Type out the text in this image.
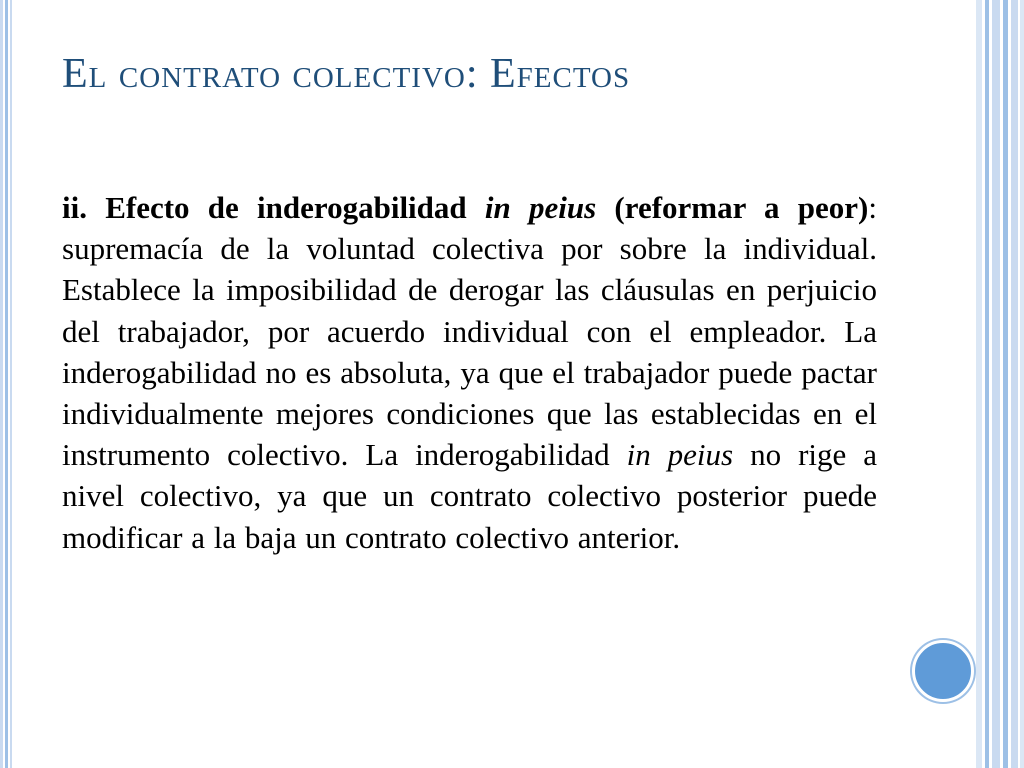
El contrato colectivo: Efectos

ii. Efecto de inderogabilidad in peius (reformar a peor): supremacía de la voluntad colectiva por sobre la individual. Establece la imposibilidad de derogar las cláusulas en perjuicio del trabajador, por acuerdo individual con el empleador. La inderogabilidad no es absoluta, ya que el trabajador puede pactar individualmente mejores condiciones que las establecidas en el instrumento colectivo. La inderogabilidad in peius no rige a nivel colectivo, ya que un contrato colectivo posterior puede modificar a la baja un contrato colectivo anterior.
